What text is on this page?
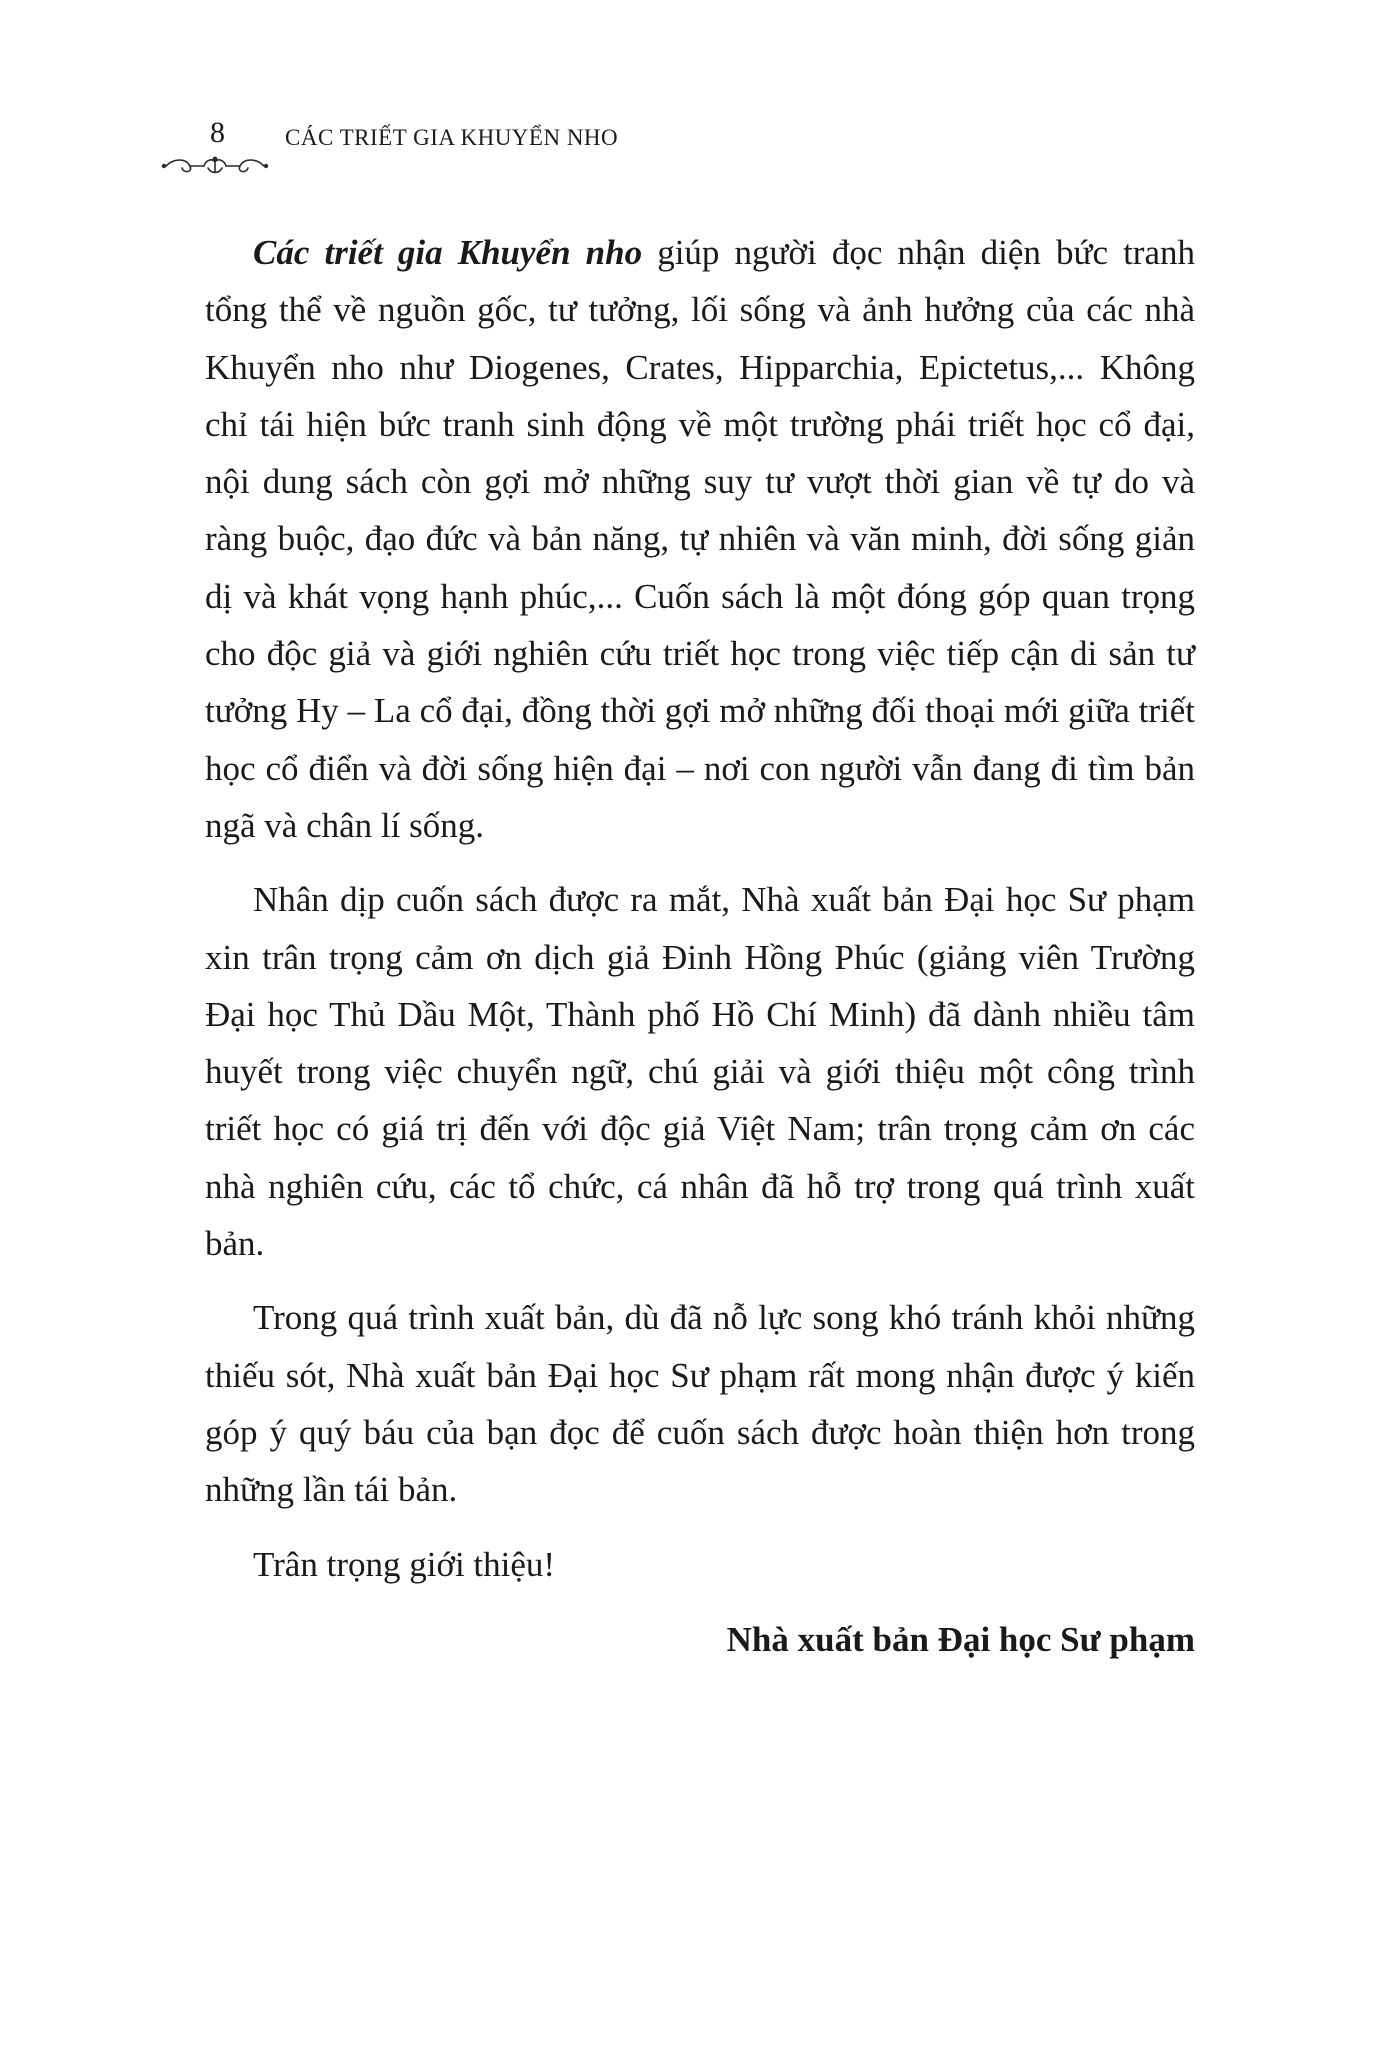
8	CÁC TRIẾT GIA KHUYỂN NHO

Các triết gia Khuyển nho giúp người đọc nhận diện bức tranh tổng thể về nguồn gốc, tư tưởng, lối sống và ảnh hưởng của các nhà Khuyển nho như Diogenes, Crates, Hipparchia, Epictetus,... Không chỉ tái hiện bức tranh sinh động về một trường phái triết học cổ đại, nội dung sách còn gợi mở những suy tư vượt thời gian về tự do và ràng buộc, đạo đức và bản năng, tự nhiên và văn minh, đời sống giản dị và khát vọng hạnh phúc,... Cuốn sách là một đóng góp quan trọng cho độc giả và giới nghiên cứu triết học trong việc tiếp cận di sản tư tưởng Hy – La cổ đại, đồng thời gợi mở những đối thoại mới giữa triết học cổ điển và đời sống hiện đại – nơi con người vẫn đang đi tìm bản ngã và chân lí sống.

Nhân dịp cuốn sách được ra mắt, Nhà xuất bản Đại học Sư phạm xin trân trọng cảm ơn dịch giả Đinh Hồng Phúc (giảng viên Trường Đại học Thủ Dầu Một, Thành phố Hồ Chí Minh) đã dành nhiều tâm huyết trong việc chuyển ngữ, chú giải và giới thiệu một công trình triết học có giá trị đến với độc giả Việt Nam; trân trọng cảm ơn các nhà nghiên cứu, các tổ chức, cá nhân đã hỗ trợ trong quá trình xuất bản.

Trong quá trình xuất bản, dù đã nỗ lực song khó tránh khỏi những thiếu sót, Nhà xuất bản Đại học Sư phạm rất mong nhận được ý kiến góp ý quý báu của bạn đọc để cuốn sách được hoàn thiện hơn trong những lần tái bản.

Trân trọng giới thiệu!

Nhà xuất bản Đại học Sư phạm
